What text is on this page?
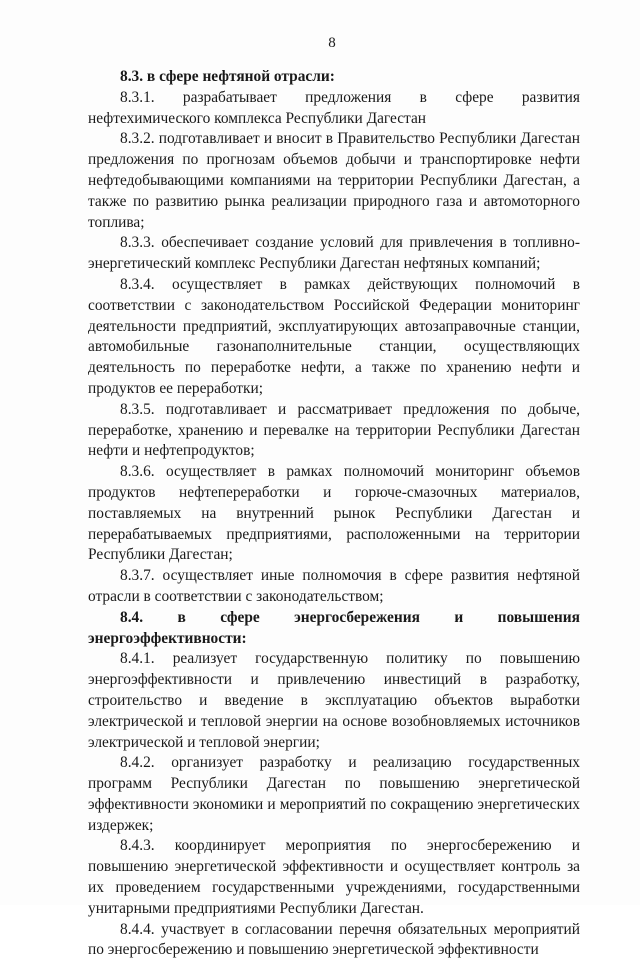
8

8.3. в сфере нефтяной отрасли:

8.3.1. разрабатывает предложения в сфере развития нефтехимического комплекса Республики Дагестан

8.3.2. подготавливает и вносит в Правительство Республики Дагестан предложения по прогнозам объемов добычи и транспортировке нефти нефтедобывающими компаниями на территории Республики Дагестан, а также по развитию рынка реализации природного газа и автомоторного топлива;

8.3.3. обеспечивает создание условий для привлечения в топливно-энергетический комплекс Республики Дагестан нефтяных компаний;

8.3.4. осуществляет в рамках действующих полномочий в соответствии с законодательством Российской Федерации мониторинг деятельности предприятий, эксплуатирующих автозаправочные станции, автомобильные газонаполнительные станции, осуществляющих деятельность по переработке нефти, а также по хранению нефти и продуктов ее переработки;

8.3.5. подготавливает и рассматривает предложения по добыче, переработке, хранению и перевалке на территории Республики Дагестан нефти и нефтепродуктов;

8.3.6. осуществляет в рамках полномочий мониторинг объемов продуктов нефтепереработки и горюче-смазочных материалов, поставляемых на внутренний рынок Республики Дагестан и перерабатываемых предприятиями, расположенными на территории Республики Дагестан;

8.3.7. осуществляет иные полномочия в сфере развития нефтяной отрасли в соответствии с законодательством;

8.4. в сфере энергосбережения и повышения энергоэффективности:

8.4.1. реализует государственную политику по повышению энергоэффективности и привлечению инвестиций в разработку, строительство и введение в эксплуатацию объектов выработки электрической и тепловой энергии на основе возобновляемых источников электрической и тепловой энергии;

8.4.2. организует разработку и реализацию государственных программ Республики Дагестан по повышению энергетической эффективности экономики и мероприятий по сокращению энергетических издержек;

8.4.3. координирует мероприятия по энергосбережению и повышению энергетической эффективности и осуществляет контроль за их проведением государственными учреждениями, государственными унитарными предприятиями Республики Дагестан.

8.4.4. участвует в согласовании перечня обязательных мероприятий по энергосбережению и повышению энергетической эффективности
